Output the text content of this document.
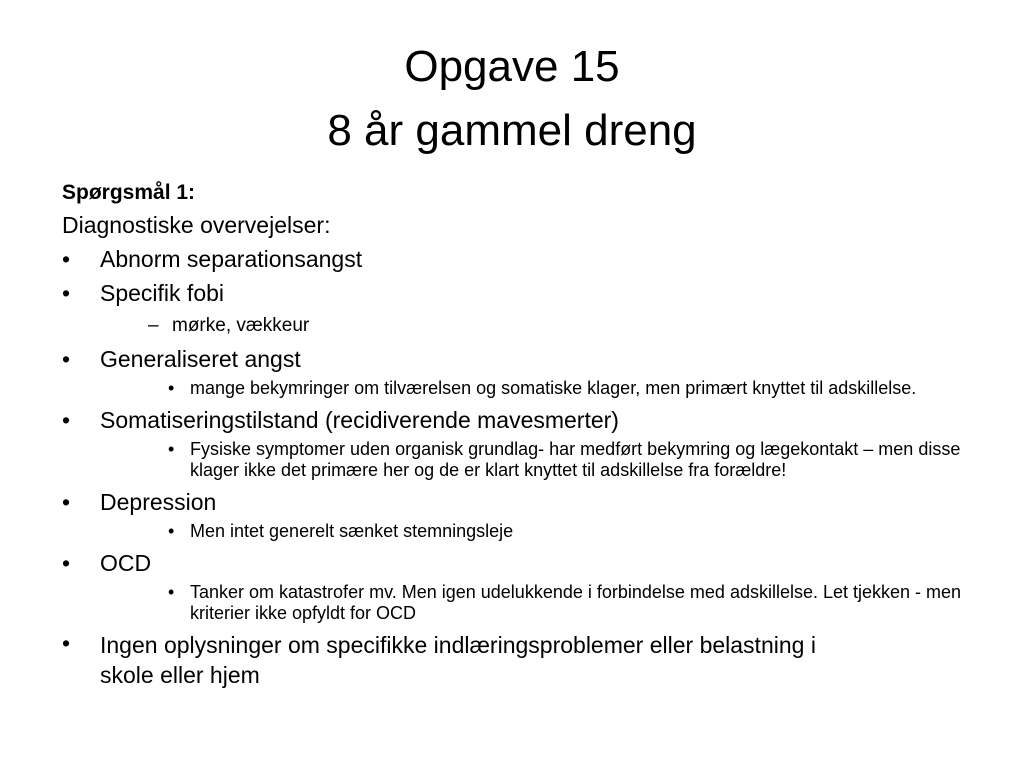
Opgave 15
8 år gammel dreng
Spørgsmål 1:
Diagnostiske overvejelser:
• Abnorm separationsangst
• Specifik fobi
– mørke, vækkeur
• Generaliseret angst
• mange bekymringer om tilværelsen og somatiske klager, men primært knyttet til adskillelse.
• Somatiseringstilstand (recidiverende mavesmerter)
• Fysiske symptomer uden organisk grundlag- har medført bekymring og lægekontakt – men disse klager ikke det primære her og de er klart knyttet til adskillelse fra forældre!
• Depression
• Men intet generelt sænket stemningsleje
• OCD
• Tanker om katastrofer mv. Men igen udelukkende i forbindelse med adskillelse. Let tjekken - men kriterier ikke opfyldt for OCD
• Ingen oplysninger om specifikke indlæringsproblemer eller belastning i skole eller hjem
